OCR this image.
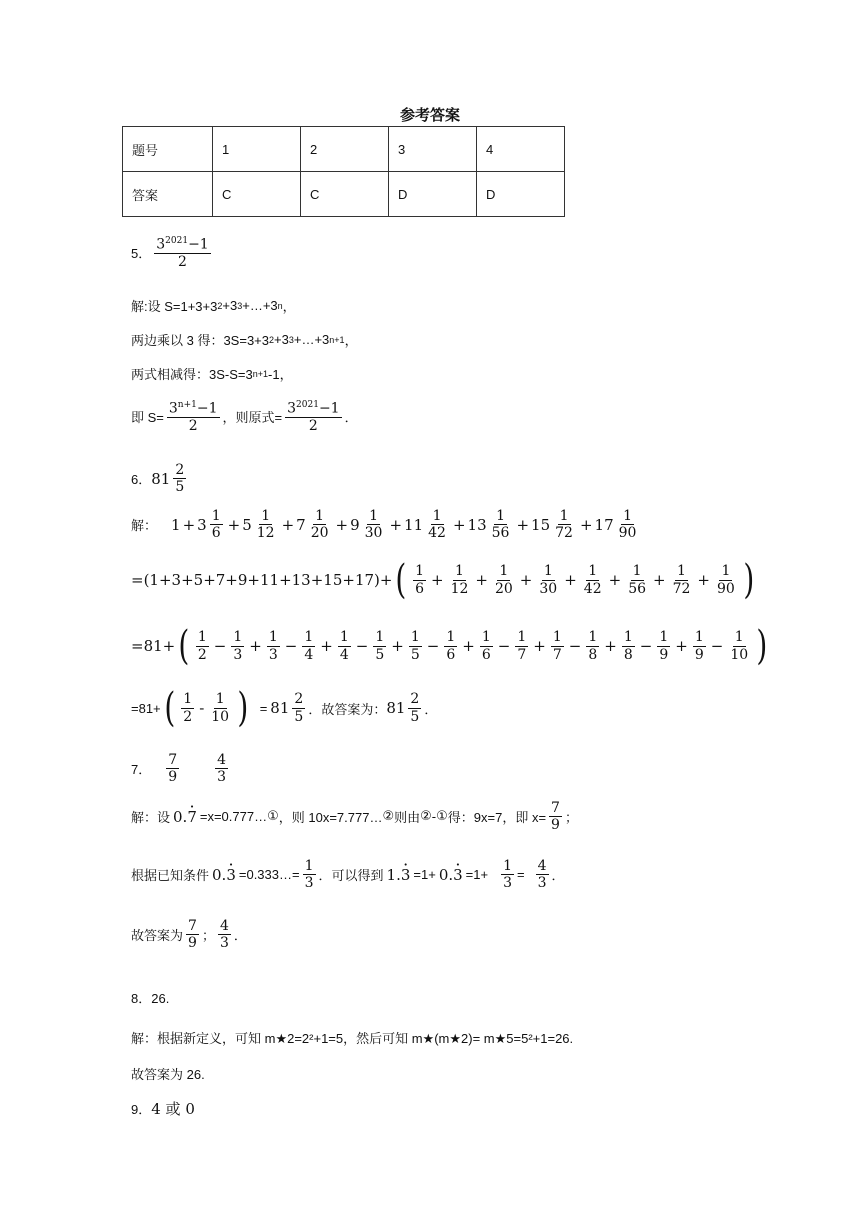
参考答案
题号	1	2	3	4
答案	C	C	D	D
5． $\frac{3^{2021}-1}{2}$
解:设 S=1+3+3 2 +3 3 +…+3 n ，
两边乘以 3 得：3S=3+3 2 +3 3 +…+3 n+1 ，
两式相减得：3S-S=3 n+1 -1，
即 $S= \frac{3^{n+1}-1}{2}$ ，则原式= $\frac{3^{2021}-1}{2}$ ．
6． $81 \frac{2}{5}$
解： $1 + 3 \frac{1}{6} + 5 \frac{1}{12} + 7 \frac{1}{20} + 9 \frac{1}{30} + 11 \frac{1}{42} + 13 \frac{1}{56} + 15 \frac{1}{72} + 17 \frac{1}{90}$
=(1+3+5+7+9+11+13+15+17)+ ( $\frac{1}{6} + \frac{1}{12} + \frac{1}{20} + \frac{1}{30} + \frac{1}{42} + \frac{1}{56} + \frac{1}{72} + \frac{1}{90}$ )
=81+ ( $\frac{1}{2} - \frac{1}{3} + \frac{1}{3} - \frac{1}{4} + \frac{1}{4} - \frac{1}{5} + \frac{1}{5} - \frac{1}{6} + \frac{1}{6} - \frac{1}{7} + \frac{1}{7} - \frac{1}{8} + \frac{1}{8} - \frac{1}{9} + \frac{1}{9} - \frac{1}{10}$ )
=81+ ( $\frac{1}{2} - \frac{1}{10}$ ) = $81 \frac{2}{5}$ ．故答案为： $81 \frac{2}{5}$ ．
7． $\frac{7}{9}$	$\frac{4}{3}$
解：设 0. · 7 =x=0.777… ① ，则 10x=7.777… ② 则由 ② - ① 得：9x=7，即 $x= \frac{7}{9}$ ；
根据已知条件 0. · 3 =0.333…= $\frac{1}{3}$ ．可以得到 1. · 3 =1+ 0. · $3 =1+ \frac{1}{3} = \frac{4}{3}$ ．
故答案为 $\frac{7}{9}$ ； $\frac{4}{3}$ ．
8．26.
解：根据新定义，可知 m★2=2²+1=5，然后可知 m★(m★2)= m★5=5²+1=26.
故答案为 26.
9． 4 或 0
